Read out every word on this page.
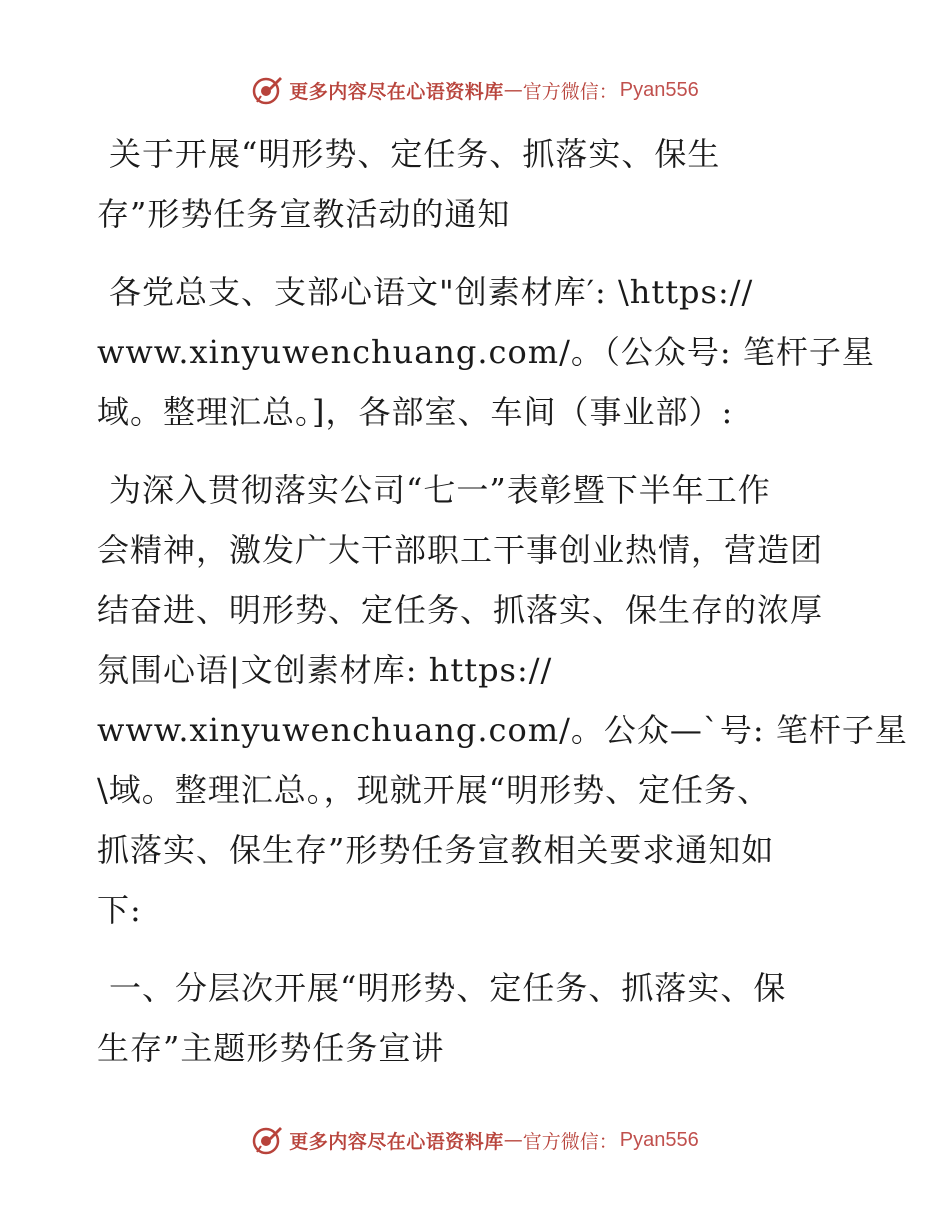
更多内容尽在心语资料库 — 官方微信： Pyan556
关于开展“明形势、定任务、抓落实、保生
存”形势任务宣教活动的通知
各党总支、支部心语文"创素材库′: \https://
www.xinyuwenchuang.com/。（公众号: 笔杆子星
域。整理汇总。]，各部室、车间（事业部）:
为深入贯彻落实公司“七一”表彰暨下半年工作
会精神，激发广大干部职工干事创业热情，营造团
结奋进、明形势、定任务、抓落实、保生存的浓厚
氛围心语|文创素材库: https://
www.xinyuwenchuang.com/。公众—`号: 笔杆子星
\域。整理汇总。，现就开展“明形势、定任务、
抓落实、保生存”形势任务宣教相关要求通知如
下:
一、分层次开展“明形势、定任务、抓落实、保
生存”主题形势任务宣讲
更多内容尽在心语资料库 — 官方微信： Pyan556
